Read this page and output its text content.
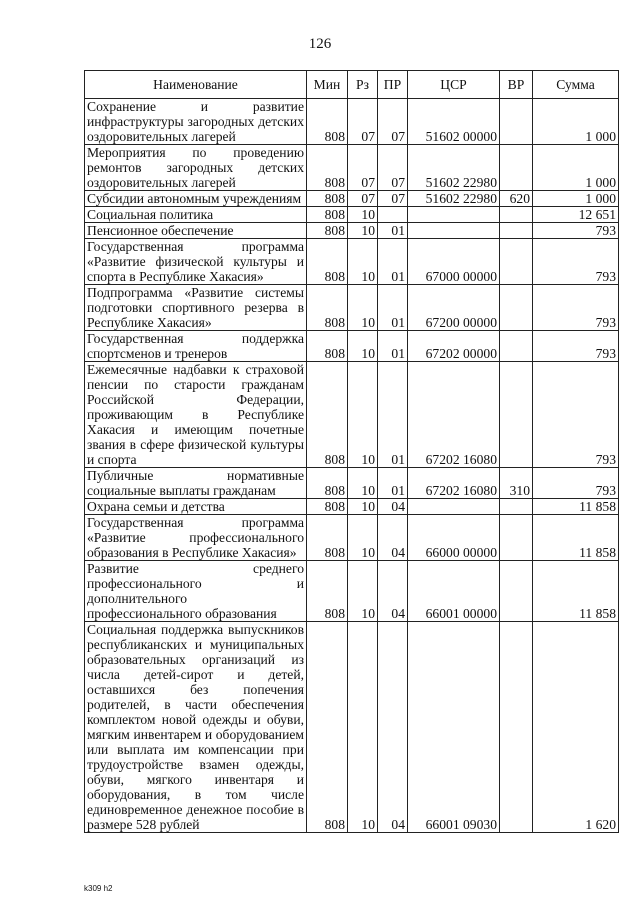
126
Наименование	Мин	Рз	ПР	ЦСР	ВР	Сумма
Сохранение и развитие инфраструктуры загородных детских оздоровительных лагерей	808	07	07	51602 00000		1 000
Мероприятия по проведению ремонтов загородных детских оздоровительных лагерей	808	07	07	51602 22980		1 000
Субсидии автономным учреждениям	808	07	07	51602 22980	620	1 000
Социальная политика	808	10				12 651
Пенсионное обеспечение	808	10	01			793
Государственная программа «Развитие физической культуры и спорта в Республике Хакасия»	808	10	01	67000 00000		793
Подпрограмма «Развитие системы подготовки спортивного резерва в Республике Хакасия»	808	10	01	67200 00000		793
Государственная поддержка спортсменов и тренеров	808	10	01	67202 00000		793
Ежемесячные надбавки к страховой пенсии по старости гражданам Российской Федерации, проживающим в Республике Хакасия и имеющим почетные звания в сфере физической культуры и спорта	808	10	01	67202 16080		793
Публичные нормативные социальные выплаты гражданам	808	10	01	67202 16080	310	793
Охрана семьи и детства	808	10	04			11 858
Государственная программа «Развитие профессионального образования в Республике Хакасия»	808	10	04	66000 00000		11 858
Развитие среднего профессионального и дополнительного профессионального образования	808	10	04	66001 00000		11 858
Социальная поддержка выпускников республиканских и муниципальных образовательных организаций из числа детей-сирот и детей, оставшихся без попечения родителей, в части обеспечения комплектом новой одежды и обуви, мягким инвентарем и оборудованием или выплата им компенсации при трудоустройстве взамен одежды, обуви, мягкого инвентаря и оборудования, в том числе единовременное денежное пособие в размере 528 рублей	808	10	04	66001 09030		1 620
k309 h2
